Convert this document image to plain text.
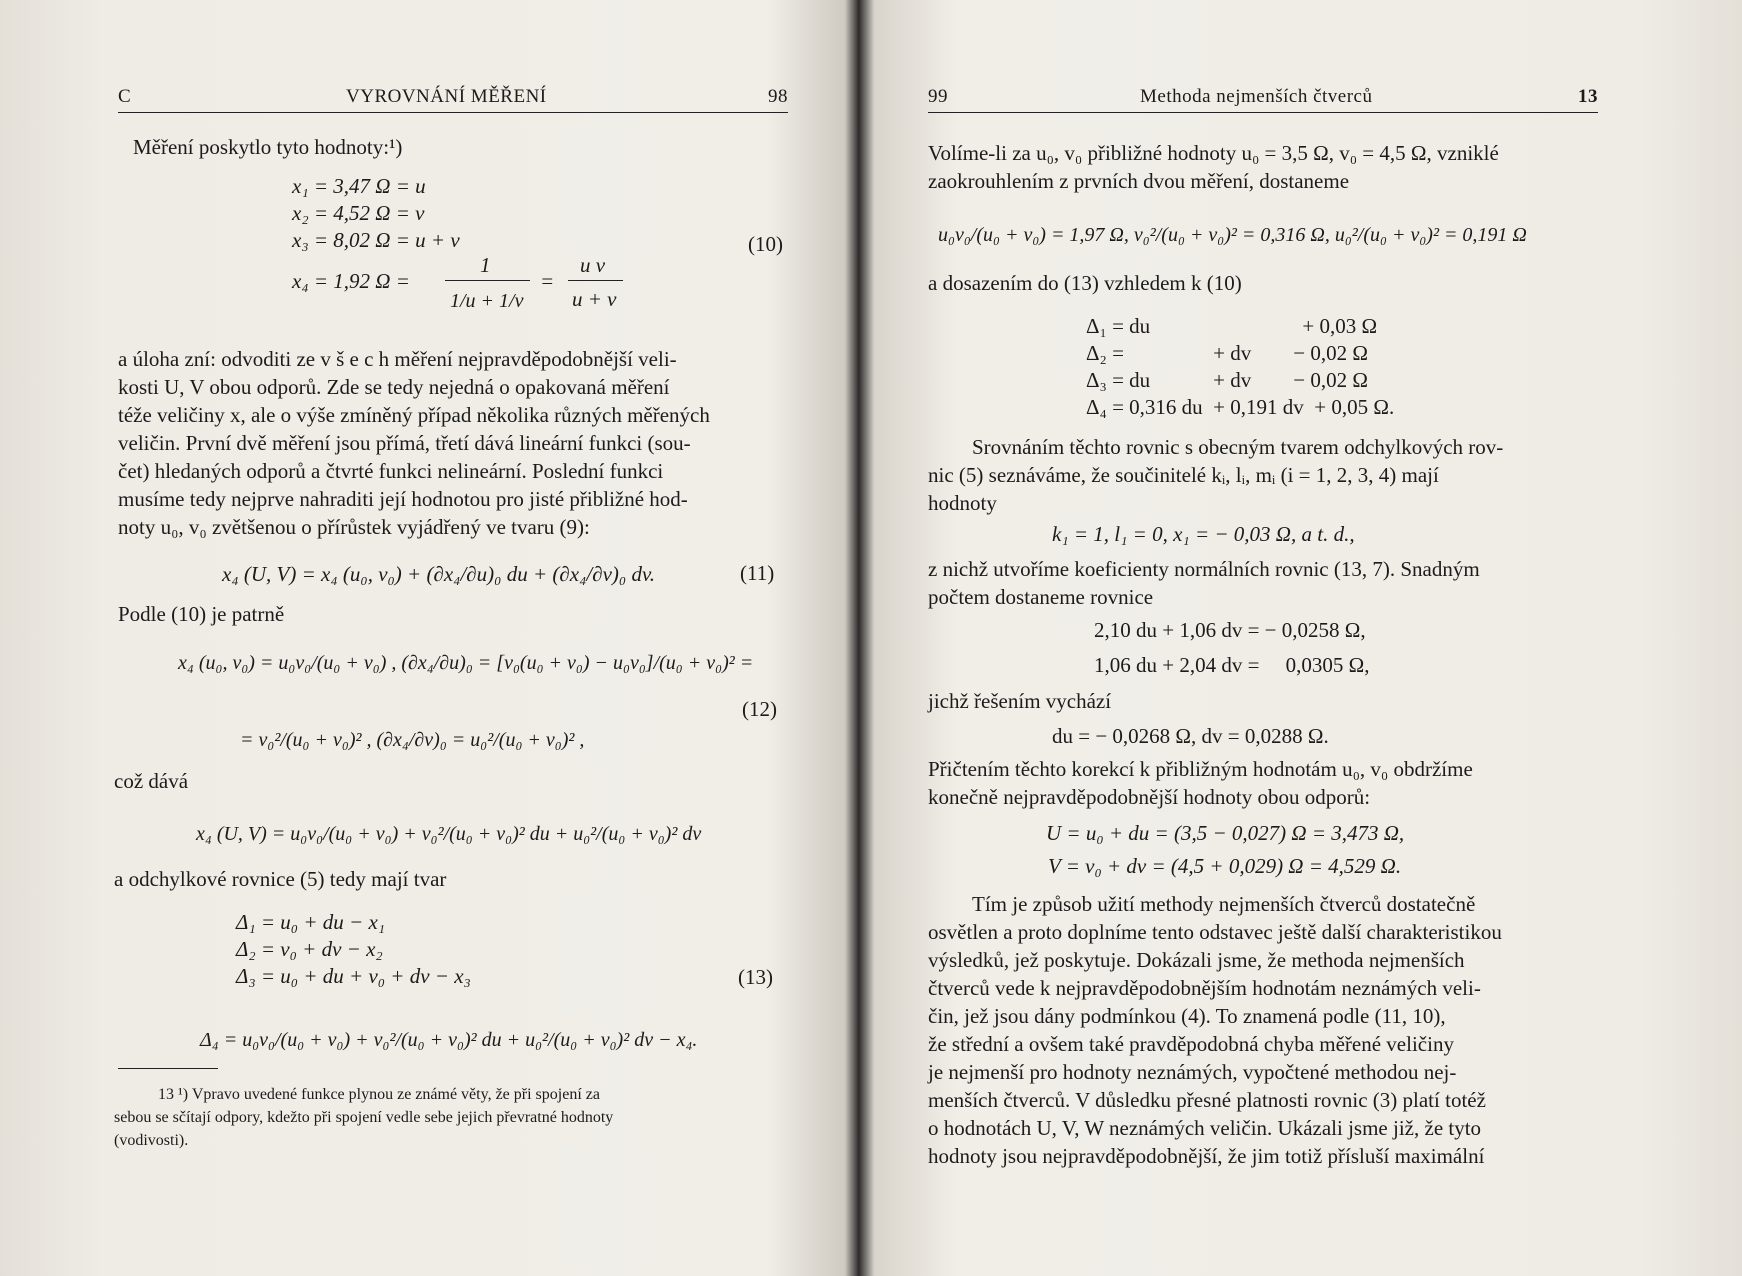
C	VYROVNÁNÍ MĚŘENÍ	98
Měření poskytlo tyto hodnoty:¹)
x₁ = 3,47 Ω = u
x₂ = 4,52 Ω = v
x₃ = 8,02 Ω = u + v
x₄ = 1,92 Ω =
1
1/u + 1/v
=
u v
u + v
(10)
a úloha zní: odvoditi ze v š e c h měření nejpravděpodobnější veli-
kosti U, V obou odporů. Zde se tedy nejedná o opakovaná měření
téže veličiny x, ale o výše zmíněný případ několika různých měřených
veličin. První dvě měření jsou přímá, třetí dává lineární funkci (sou-
čet) hledaných odporů a čtvrté funkci nelineární. Poslední funkci
musíme tedy nejprve nahraditi její hodnotou pro jisté přibližné hod-
noty u₀, v₀ zvětšenou o přírůstek vyjádřený ve tvaru (9):
x₄ (U, V) = x₄ (u₀, v₀) + (∂x₄/∂u)₀ du + (∂x₄/∂v)₀ dv.	(11)
Podle (10) je patrně
x₄ (u₀, v₀) = u₀v₀/(u₀ + v₀) , (∂x₄/∂u)₀ = [v₀(u₀ + v₀) − u₀v₀]/(u₀ + v₀)² =
= v₀²/(u₀ + v₀)² , (∂x₄/∂v)₀ = u₀²/(u₀ + v₀)² ,
(12)
což dává
x₄ (U, V) = u₀v₀/(u₀ + v₀) + v₀²/(u₀ + v₀)² du + u₀²/(u₀ + v₀)² dv
a odchylkové rovnice (5) tedy mají tvar
Δ₁ = u₀ + du − x₁
Δ₂ = v₀ + dv − x₂
Δ₃ = u₀ + du + v₀ + dv − x₃	(13)
Δ₄ = u₀v₀/(u₀ + v₀) + v₀²/(u₀ + v₀)² du + u₀²/(u₀ + v₀)² dv − x₄.
13 ¹) Vpravo uvedené funkce plynou ze známé věty, že při spojení za
sebou se sčítají odpory, kdežto při spojení vedle sebe jejich převratné hodnoty
(vodivosti).
99	Methoda nejmenších čtverců	13
Volíme-li za u₀, v₀ přibližné hodnoty u₀ = 3,5 Ω, v₀ = 4,5 Ω, vzniklé
zaokrouhlením z prvních dvou měření, dostaneme
u₀v₀/(u₀ + v₀) = 1,97 Ω, v₀²/(u₀ + v₀)² = 0,316 Ω, u₀²/(u₀ + v₀)² = 0,191 Ω
a dosazením do (13) vzhledem k (10)
Δ₁ = du                             + 0,03 Ω
Δ₂ =                 + dv        − 0,02 Ω
Δ₃ = du            + dv        − 0,02 Ω
Δ₄ = 0,316 du  + 0,191 dv  + 0,05 Ω.
Srovnáním těchto rovnic s obecným tvarem odchylkových rov-
nic (5) seznáváme, že součinitelé kᵢ, lᵢ, mᵢ (i = 1, 2, 3, 4) mají
hodnoty
k₁ = 1, l₁ = 0, x₁ = − 0,03 Ω, a t. d.,
z nichž utvoříme koeficienty normálních rovnic (13, 7). Snadným
počtem dostaneme rovnice
2,10 du + 1,06 dv = − 0,0258 Ω,
1,06 du + 2,04 dv =     0,0305 Ω,
jichž řešením vychází
du = − 0,0268 Ω, dv = 0,0288 Ω.
Přičtením těchto korekcí k přibližným hodnotám u₀, v₀ obdržíme
konečně nejpravděpodobnější hodnoty obou odporů:
U = u₀ + du = (3,5 − 0,027) Ω = 3,473 Ω,
V = v₀ + dv = (4,5 + 0,029) Ω = 4,529 Ω.
Tím je způsob užití methody nejmenších čtverců dostatečně
osvětlen a proto doplníme tento odstavec ještě další charakteristikou
výsledků, jež poskytuje. Dokázali jsme, že methoda nejmenších
čtverců vede k nejpravděpodobnějším hodnotám neznámých veli-
čin, jež jsou dány podmínkou (4). To znamená podle (11, 10),
že střední a ovšem také pravděpodobná chyba měřené veličiny
je nejmenší pro hodnoty neznámých, vypočtené methodou nej-
menších čtverců. V důsledku přesné platnosti rovnic (3) platí totéž
o hodnotách U, V, W neznámých veličin. Ukázali jsme již, že tyto
hodnoty jsou nejpravděpodobnější, že jim totiž přísluší maximální
